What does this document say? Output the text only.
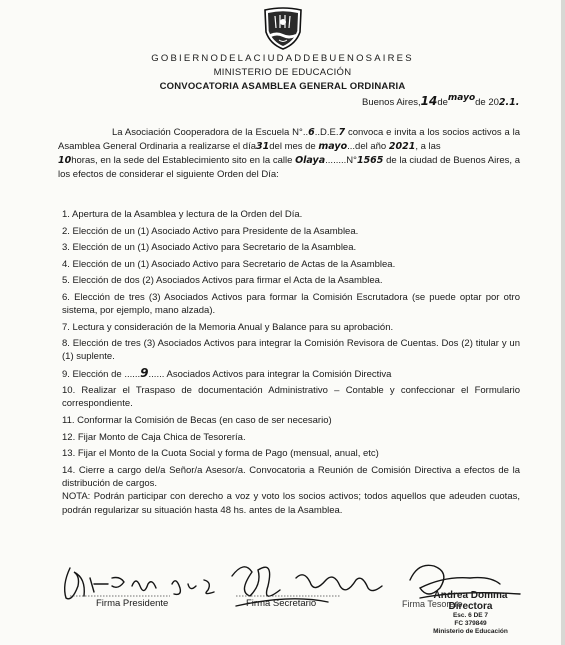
GOBIERNODELACIUDADDEBUENOSAIRES
MINISTERIO DE EDUCACIÓN
CONVOCATORIA ASAMBLEA GENERAL ORDINARIA
Buenos Aires,14demayode 202.1.
La Asociación Cooperadora de la Escuela N°..6..D.E.7 convoca e invita a los socios activos a la Asamblea General Ordinaria a realizarse el día31del mes de mayo...del año 2021, a las
10horas, en la sede del Establecimiento sito en la calle Olaya........N°1565 de la ciudad de Buenos Aires, a los efectos de considerar el siguiente Orden del Día:
1. Apertura de la Asamblea y lectura de la Orden del Día.
2. Elección de un (1) Asociado Activo para Presidente de la Asamblea.
3. Elección de un (1) Asociado Activo para Secretario de la Asamblea.
4. Elección de un (1) Asociado Activo para Secretario de Actas de la Asamblea.
5. Elección de dos (2) Asociados Activos para firmar el Acta de la Asamblea.
6. Elección de tres (3) Asociados Activos para formar la Comisión Escrutadora (se puede optar por otro sistema, por ejemplo, mano alzada).
7. Lectura y consideración de la Memoria Anual y Balance para su aprobación.
8. Elección de tres (3) Asociados Activos para integrar la Comisión Revisora de Cuentas. Dos (2) titular y un (1) suplente.
9. Elección de ......9...... Asociados Activos para integrar la Comisión Directiva
10. Realizar el Traspaso de documentación Administrativo – Contable y confeccionar el Formulario correspondiente.
11. Conformar la Comisión de Becas (en caso de ser necesario)
12. Fijar Monto de Caja Chica de Tesorería.
13. Fijar el Monto de la Cuota Social y forma de Pago (mensual, anual, etc)
14. Cierre a cargo del/a Señor/a Asesor/a. Convocatoria a Reunión de Comisión Directiva a efectos de la distribución de cargos.
NOTA: Podrán participar con derecho a voz y voto los socios activos; todos aquellos que adeuden cuotas, podrán regularizar su situación hasta 48 hs. antes de la Asamblea.
Firma Presidente	Firma Secretario	Firma Tesorero
Andrea Domma
Directora
Esc. 6 DE 7
FC 379849
Ministerio de Educación
